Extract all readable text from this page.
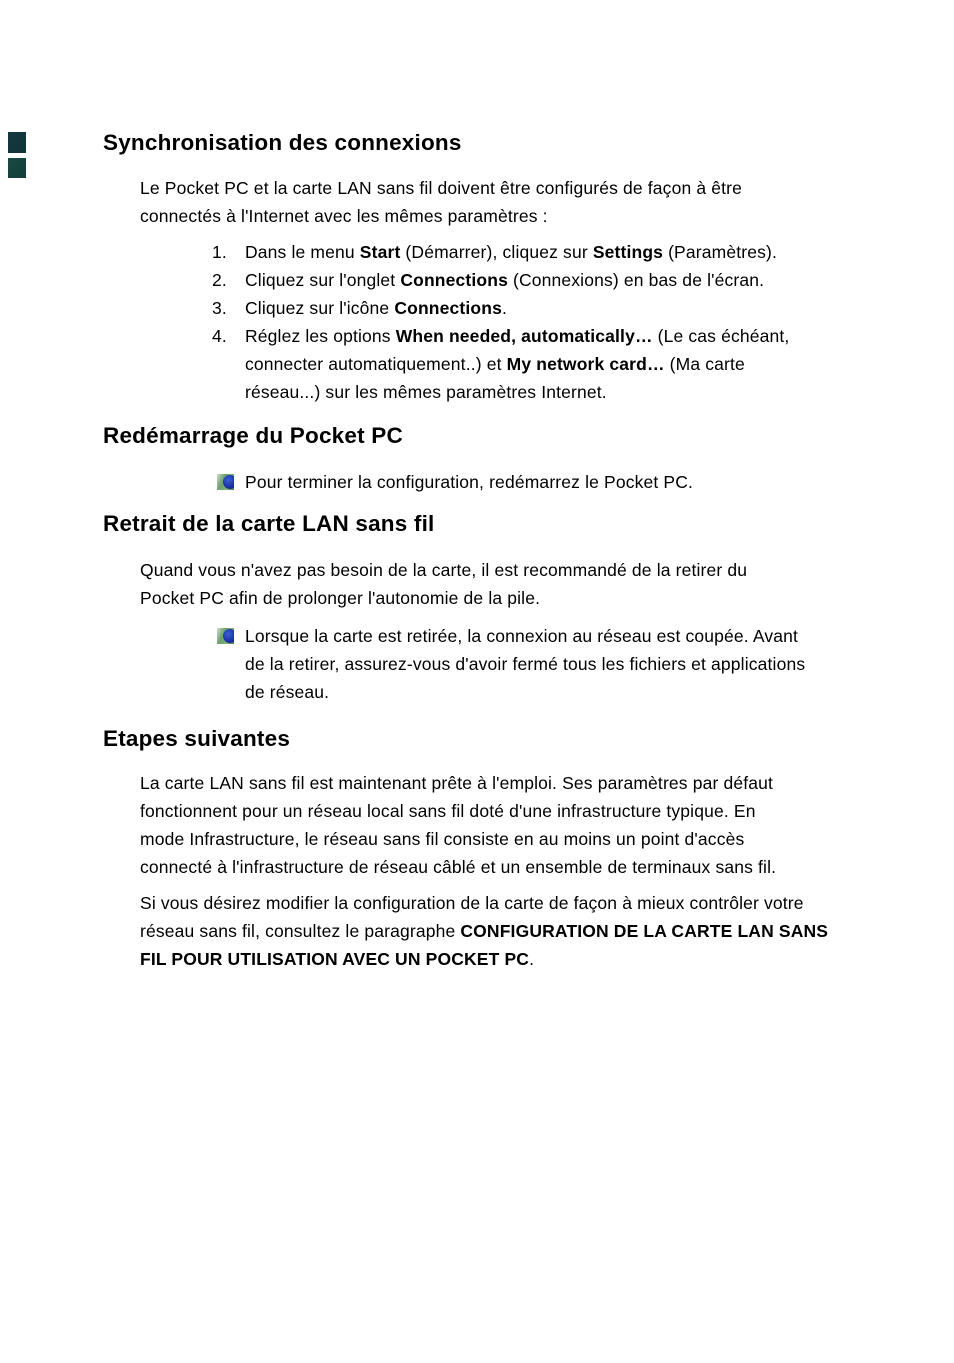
Synchronisation des connexions
Le Pocket PC et la carte LAN sans fil doivent être configurés de façon à être
connectés à l'Internet avec les mêmes paramètres :
1.	Dans le menu Start (Démarrer), cliquez sur Settings (Paramètres).
2.	Cliquez sur l'onglet Connections (Connexions) en bas de l'écran.
3.	Cliquez sur l'icône Connections.
4.	Réglez les options When needed, automatically… (Le cas échéant,
connecter automatiquement..) et My network card… (Ma carte
réseau...) sur les mêmes paramètres Internet.
Redémarrage du Pocket PC
Pour terminer la configuration, redémarrez le Pocket PC.
Retrait de la carte LAN sans fil
Quand vous n'avez pas besoin de la carte, il est recommandé de la retirer du
Pocket PC afin de prolonger l'autonomie de la pile.
Lorsque la carte est retirée, la connexion au réseau est coupée. Avant
de la retirer, assurez-vous d'avoir fermé tous les fichiers et applications
de réseau.
Etapes suivantes
La carte LAN sans fil est maintenant prête à l'emploi. Ses paramètres par défaut
fonctionnent pour un réseau local sans fil doté d'une infrastructure typique. En
mode Infrastructure, le réseau sans fil consiste en au moins un point d'accès
connecté à l'infrastructure de réseau câblé et un ensemble de terminaux sans fil.
Si vous désirez modifier la configuration de la carte de façon à mieux contrôler votre
réseau sans fil, consultez le paragraphe CONFIGURATION DE LA CARTE LAN SANS
FIL POUR UTILISATION AVEC UN POCKET PC.
